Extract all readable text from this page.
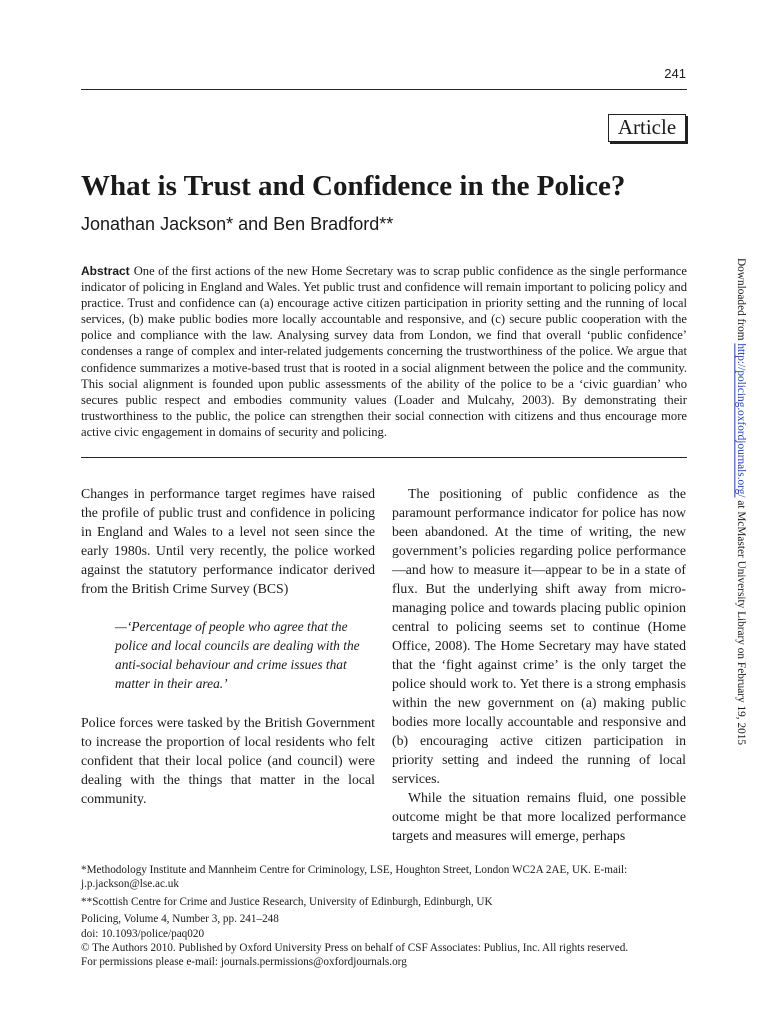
241
Article
What is Trust and Confidence in the Police?
Jonathan Jackson* and Ben Bradford**

Abstract One of the first actions of the new Home Secretary was to scrap public confidence as the single performance indicator of policing in England and Wales. Yet public trust and confidence will remain important to policing policy and practice. Trust and confidence can (a) encourage active citizen participation in priority setting and the running of local services, (b) make public bodies more locally accountable and responsive, and (c) secure public cooperation with the police and compliance with the law. Analysing survey data from London, we find that overall ‘public confidence’ condenses a range of complex and inter-related judgements concerning the trustworthiness of the police. We argue that confidence summarizes a motive-based trust that is rooted in a social alignment between the police and the community. This social alignment is founded upon public assessments of the ability of the police to be a ‘civic guardian’ who secures public respect and embodies community values (Loader and Mulcahy, 2003). By demonstrating their trustworthiness to the public, the police can strengthen their social connection with citizens and thus encourage more active civic engagement in domains of security and policing.

Changes in performance target regimes have raised the profile of public trust and confidence in policing in England and Wales to a level not seen since the early 1980s. Until very recently, the police worked against the statutory performance indicator derived from the British Crime Survey (BCS)

—‘Percentage of people who agree that the police and local councils are dealing with the anti-social behaviour and crime issues that matter in their area.’

Police forces were tasked by the British Government to increase the proportion of local residents who felt confident that their local police (and council) were dealing with the things that matter in the local community.

The positioning of public confidence as the paramount performance indicator for police has now been abandoned. At the time of writing, the new government’s policies regarding police performance—and how to measure it—appear to be in a state of flux. But the underlying shift away from micro-managing police and towards placing public opinion central to policing seems set to continue (Home Office, 2008). The Home Secretary may have stated that the ‘fight against crime’ is the only target the police should work to. Yet there is a strong emphasis within the new government on (a) making public bodies more locally accountable and responsive and (b) encouraging active citizen participation in priority setting and indeed the running of local services.

While the situation remains fluid, one possible outcome might be that more localized performance targets and measures will emerge, perhaps

*Methodology Institute and Mannheim Centre for Criminology, LSE, Houghton Street, London WC2A 2AE, UK. E-mail: j.p.jackson@lse.ac.uk
**Scottish Centre for Crime and Justice Research, University of Edinburgh, Edinburgh, UK
Policing, Volume 4, Number 3, pp. 241–248
doi: 10.1093/police/paq020
© The Authors 2010. Published by Oxford University Press on behalf of CSF Associates: Publius, Inc. All rights reserved.
For permissions please e-mail: journals.permissions@oxfordjournals.org
Downloaded from http://policing.oxfordjournals.org/ at McMaster University Library on February 19, 2015
